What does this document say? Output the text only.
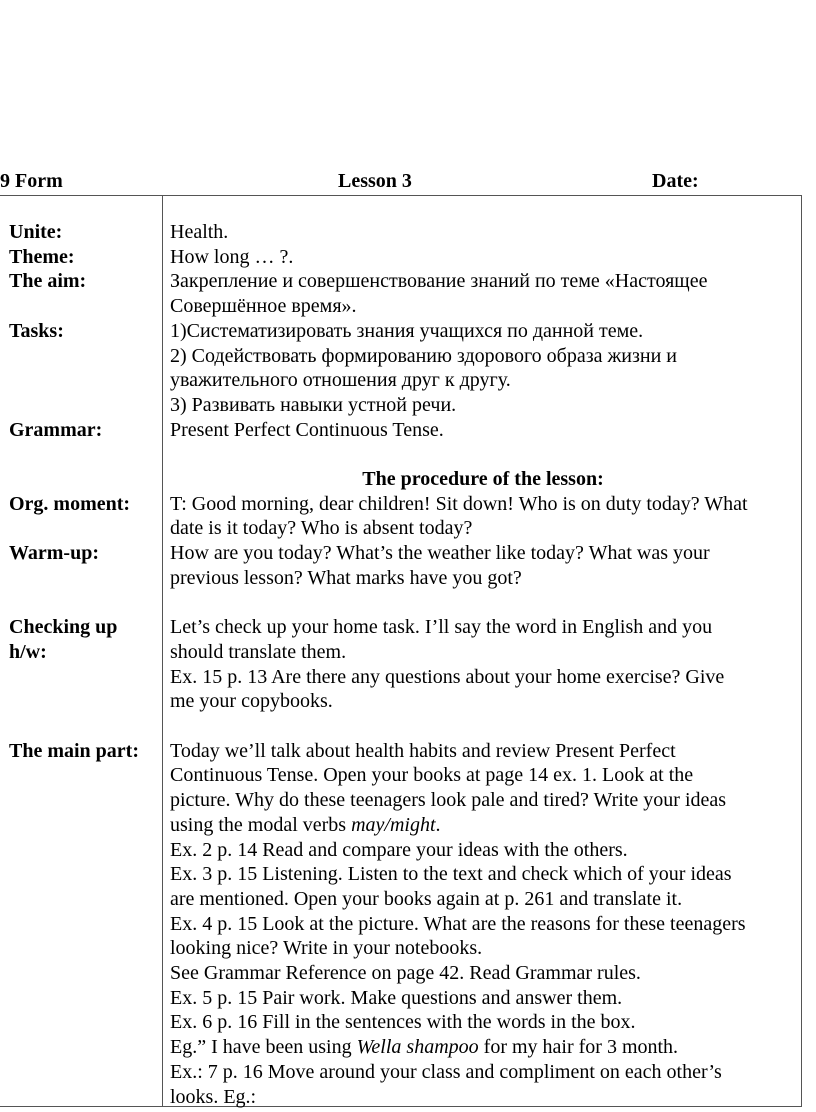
9 Form	Lesson 3	Date:
Unite:
Theme:
The aim:
Tasks:
Grammar:
Org. moment:
Warm-up:
Checking up
h/w:
The main part:
Health.
How long … ?.
Закрепление и совершенствование знаний по теме «Настоящее
Совершённое время».
1)Систематизировать знания учащихся по данной теме.
2) Содействовать формированию здорового образа жизни и
уважительного отношения друг к другу.
3) Развивать навыки устной речи.
Present Perfect Continuous Tense.
The procedure of the lesson:
T: Good morning, dear children! Sit down! Who is on duty today? What
date is it today? Who is absent today?
How are you today? What’s the weather like today? What was your
previous lesson? What marks have you got?
Let’s check up your home task. I’ll say the word in English and you
should translate them.
Ex. 15 p. 13 Are there any questions about your home exercise? Give
me your copybooks.
Today we’ll talk about health habits and review Present Perfect
Continuous Tense. Open your books at page 14 ex. 1. Look at the
picture. Why do these teenagers look pale and tired? Write your ideas
using the modal verbs may/might.
Ex. 2 p. 14 Read and compare your ideas with the others.
Ex. 3 p. 15 Listening. Listen to the text and check which of your ideas
are mentioned. Open your books again at p. 261 and translate it.
Ex. 4 p. 15 Look at the picture. What are the reasons for these teenagers
looking nice? Write in your notebooks.
See Grammar Reference on page 42. Read Grammar rules.
Ex. 5 p. 15 Pair work. Make questions and answer them.
Ex. 6 p. 16 Fill in the sentences with the words in the box.
Eg.” I have been using Wella shampoo for my hair for 3 month.
Ex.: 7 p. 16 Move around your class and compliment on each other’s
looks. Eg.:
